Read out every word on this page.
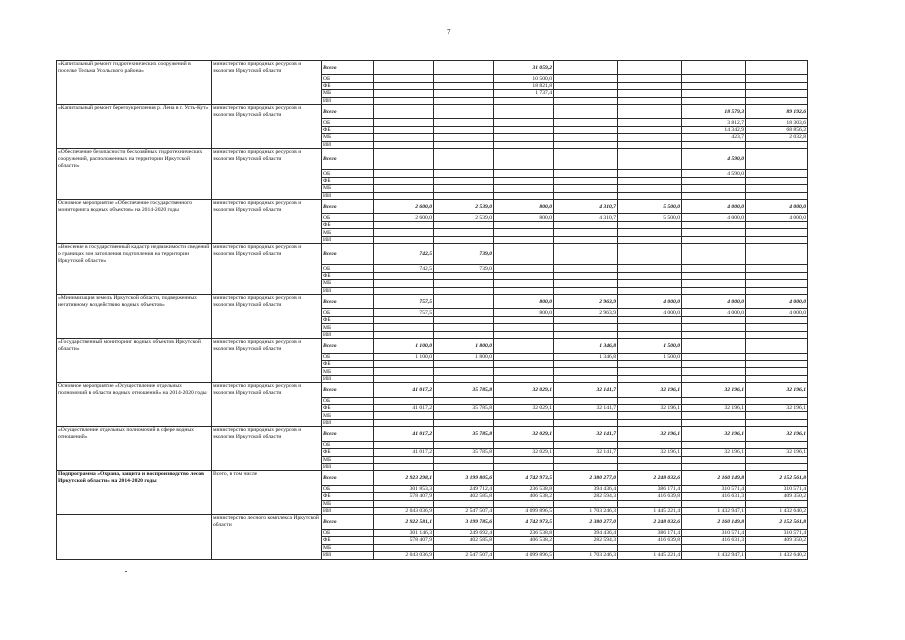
7
«Капитальный ремонт гидротехнических сооружений в поселке Тельма Усольского района»	министерство природных ресурсов и экологии Иркутской области	Всего			31 059,2				
		ОБ			10 500,0				
		ФБ			18 821,8				
		МБ			1 737,4				
		ИИ							
«Капитальный ремонт берегоукрепления р. Лена в г. Усть-Кут»	министерство природных ресурсов и экологии Иркутской области	Всего						18 579,3	89 192,6
		ОБ						3 812,7	18 303,6
		ФБ						14 342,9	68 856,2
		МБ						423,7	2 032,8
		ИИ							
«Обеспечение безопасности бесхозяйных гидротехнических сооружений, расположенных на территории Иркутской области»	министерство природных ресурсов и экологии Иркутской области	Всего						4 590,0	
		ОБ						4 590,0	
		ФБ							
		МБ							
		ИИ							
Основное мероприятие «Обеспечение государственного мониторинга водных объектов» на 2014-2020 годы	министерство природных ресурсов и экологии Иркутской области	Всего	2 600,0	2 539,0	800,0	4 310,7	5 500,0	4 000,0	4 000,0
		ОБ	2 600,0	2 539,0	800,0	4 310,7	5 500,0	4 000,0	4 000,0
		ФБ							
		МБ							
		ИИ							
«Внесение в государственный кадастр недвижимости сведений о границах зон затопления подтопления на территории Иркутской области»	министерство природных ресурсов и экологии Иркутской области	Всего	742,5	739,0					
		ОБ	742,5	739,0					
		ФБ							
		МБ							
		ИИ							
«Минимизация земель Иркутской области, подверженных негативному воздействию водных объектов»	министерство природных ресурсов и экологии Иркутской области	Всего	757,5		800,0	2 963,9	4 000,0	4 000,0	4 000,0
		ОБ	757,5		800,0	2 963,9	4 000,0	4 000,0	4 000,0
		ФБ							
		МБ							
		ИИ							
«Государственный мониторинг водных объектов Иркутской области»	министерство природных ресурсов и экологии Иркутской области	Всего	1 100,0	1 800,0		1 346,8	1 500,0		
		ОБ	1 100,0	1 800,0		1 346,8	1 500,0		
		ФБ							
		МБ							
		ИИ							
Основное мероприятие «Осуществление отдельных полномочий в области водных отношений» на 2014-2020 годы	министерство природных ресурсов и экологии Иркутской области	Всего	41 017,2	35 785,8	32 029,1	32 141,7	32 196,1	32 196,1	32 196,1
		ОБ							
		ФБ	41 017,2	35 785,8	32 029,1	32 141,7	32 196,1	32 196,1	32 196,1
		МБ							
		ИИ							
«Осуществление отдельных полномочий в сфере водных отношений»	министерство природных ресурсов и экологии Иркутской области	Всего	41 017,2	35 785,8	32 029,1	32 141,7	32 196,1	32 196,1	32 196,1
		ОБ							
		ФБ	41 017,2	35 785,8	32 029,1	32 141,7	32 196,1	32 196,1	32 196,1
		МБ							
		ИИ							
Подпрограмма «Охрана, защита и воспроизводство лесов Иркутской области» на 2014-2020 годы	Всего, в том числе	Всего	2 923 298,1	3 199 805,6	4 742 973,5	2 380 277,0	2 248 032,6	2 160 149,8	2 152 561,8
		ОБ	301 853,3	249 712,4	236 538,8	394 436,4	386 171,4	310 571,4	310 571,4
		ФБ	578 407,9	402 585,8	406 538,2	282 594,3	416 639,8	416 631,3	409 350,2
		МБ							
		ИИ	2 043 036,9	2 547 507,4	4 099 896,5	1 703 246,3	1 445 221,4	1 432 947,1	1 432 640,2
	министерство лесного комплекса Иркутской области	Всего	2 922 581,1	3 199 785,6	4 742 973,5	2 380 277,0	2 248 032,6	2 160 149,8	2 152 561,8
		ОБ	301 146,3	249 692,4	236 538,8	394 436,4	386 171,4	310 571,4	310 571,4
		ФБ	578 407,9	402 585,8	406 538,2	282 594,3	416 639,8	416 631,3	409 350,2
		МБ							
		ИИ	2 043 036,9	2 547 507,4	4 099 896,5	1 703 246,3	1 445 221,4	1 432 947,1	1 432 640,2
